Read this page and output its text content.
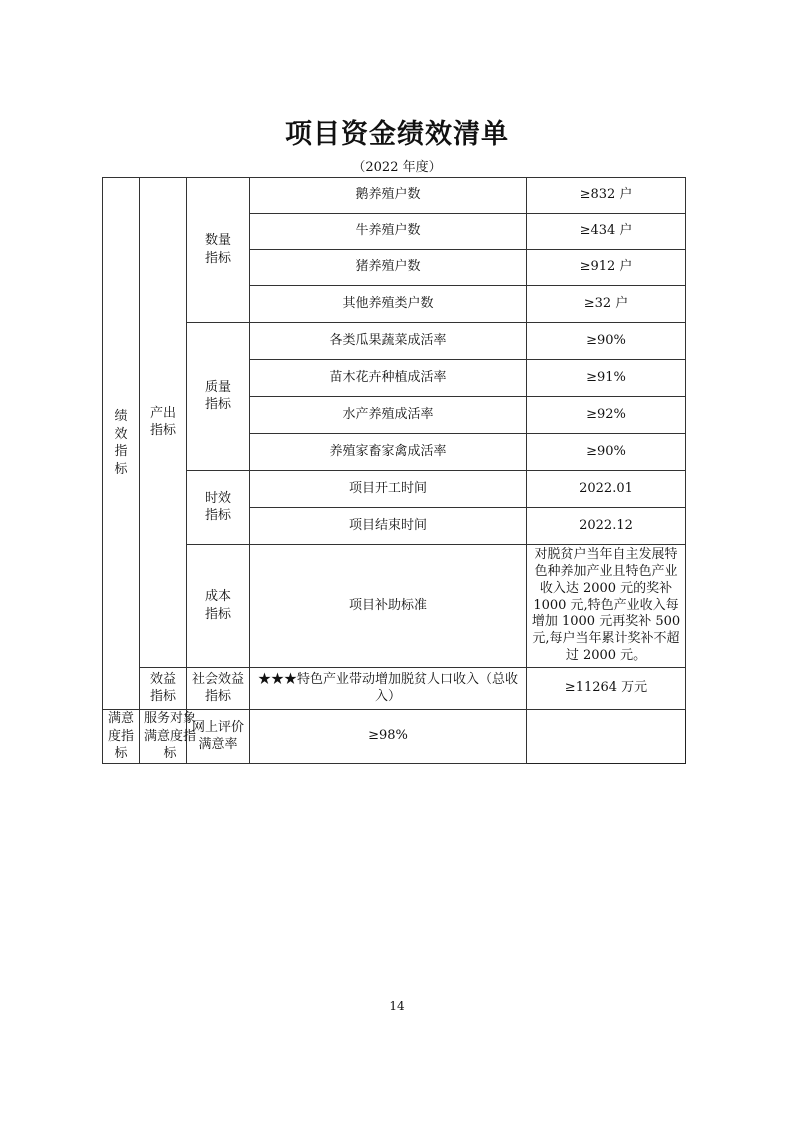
项目资金绩效清单
（2022 年度）
绩效指标	产出指标	数量指标	鹅养殖户数	≥832 户
			牛养殖户数	≥434 户
			猪养殖户数	≥912 户
			其他养殖类户数	≥32 户
		质量指标	各类瓜果蔬菜成活率	≥90%
			苗木花卉种植成活率	≥91%
			水产养殖成活率	≥92%
			养殖家畜家禽成活率	≥90%
		时效指标	项目开工时间	2022.01
			项目结束时间	2022.12
		成本指标	项目补助标准	对脱贫户当年自主发展特色种养加产业且特色产业收入达 2000 元的奖补 1000 元,特色产业收入每增加 1000 元再奖补 500 元,每户当年累计奖补不超过 2000 元。

	效益指标	社会效益指标	★★★特色产业带动增加脱贫人口收入（总收入）	≥11264 万元
满意度指标	服务对象满意度指标	网上评价满意率	≥98%	
14
